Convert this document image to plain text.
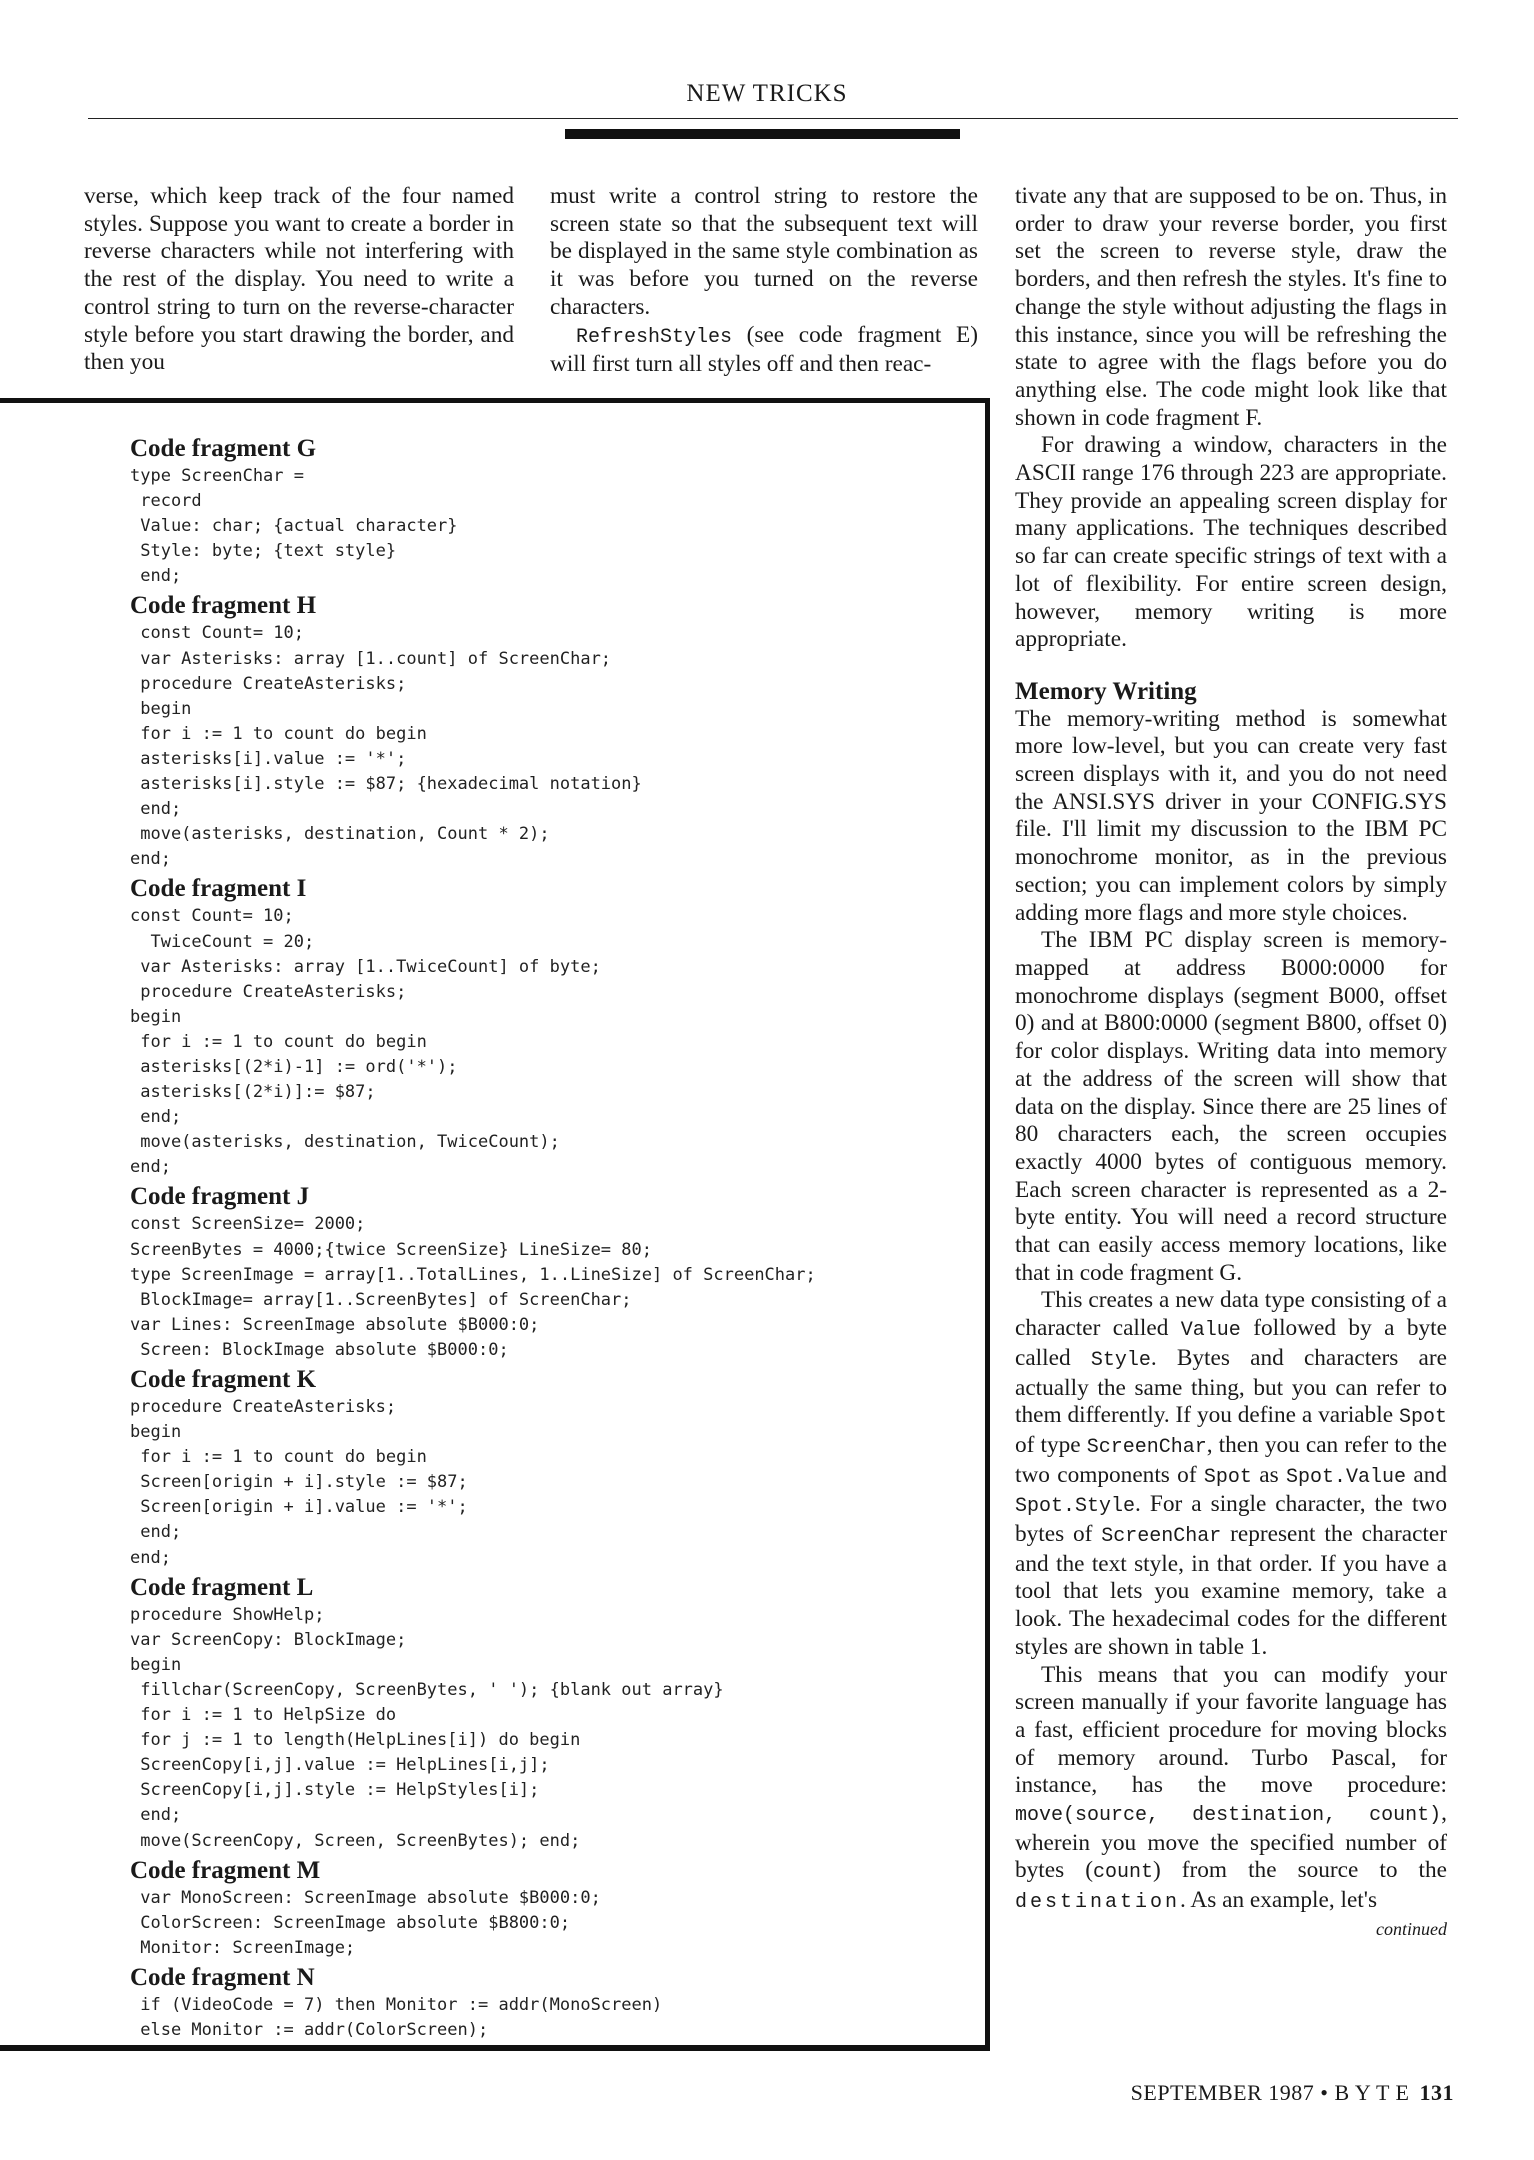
NEW TRICKS

verse, which keep track of the four named styles. Suppose you want to create a border in reverse characters while not interfering with the rest of the display. You need to write a control string to turn on the reverse-character style before you start drawing the border, and then you

must write a control string to restore the screen state so that the subsequent text will be displayed in the same style combination as it was before you turned on the reverse characters.

RefreshStyles (see code fragment E) will first turn all styles off and then reac-

Code fragment G
type ScreenChar =
record
Value: char; {actual character}
Style: byte; {text style}
end;
Code fragment H
const Count= 10;
var Asterisks: array [1..count] of ScreenChar;
procedure CreateAsterisks;
begin
for i := 1 to count do begin
asterisks[i].value := '*';
asterisks[i].style := $87; {hexadecimal notation}
end;
move(asterisks, destination, Count * 2);
end;
Code fragment I
const Count= 10;
TwiceCount = 20;
var Asterisks: array [1..TwiceCount] of byte;
procedure CreateAsterisks;
begin
for i := 1 to count do begin
asterisks[(2*i)-1] := ord('*');
asterisks[(2*i)]:= $87;
end;
move(asterisks, destination, TwiceCount);
end;
Code fragment J
const ScreenSize= 2000;
ScreenBytes = 4000;{twice ScreenSize} LineSize= 80;
type ScreenImage = array[1..TotalLines, 1..LineSize] of ScreenChar;
BlockImage= array[1..ScreenBytes] of ScreenChar;
var Lines: ScreenImage absolute $B000:0;
Screen: BlockImage absolute $B000:0;
Code fragment K
procedure CreateAsterisks;
begin
for i := 1 to count do begin
Screen[origin + i].style := $87;
Screen[origin + i].value := '*';
end;
end;
Code fragment L
procedure ShowHelp;
var ScreenCopy: BlockImage;
begin
fillchar(ScreenCopy, ScreenBytes, ' '); {blank out array}
for i := 1 to HelpSize do
for j := 1 to length(HelpLines[i]) do begin
ScreenCopy[i,j].value := HelpLines[i,j];
ScreenCopy[i,j].style := HelpStyles[i];
end;
move(ScreenCopy, Screen, ScreenBytes); end;
Code fragment M
var MonoScreen: ScreenImage absolute $B000:0;
ColorScreen: ScreenImage absolute $B800:0;
Monitor: ScreenImage;
Code fragment N
if (VideoCode = 7) then Monitor := addr(MonoScreen)
else Monitor := addr(ColorScreen);

tivate any that are supposed to be on. Thus, in order to draw your reverse border, you first set the screen to reverse style, draw the borders, and then refresh the styles. It's fine to change the style without adjusting the flags in this instance, since you will be refreshing the state to agree with the flags before you do anything else. The code might look like that shown in code fragment F.

For drawing a window, characters in the ASCII range 176 through 223 are appropriate. They provide an appealing screen display for many applications. The techniques described so far can create specific strings of text with a lot of flexibility. For entire screen design, however, memory writing is more appropriate.

Memory Writing

The memory-writing method is somewhat more low-level, but you can create very fast screen displays with it, and you do not need the ANSI.SYS driver in your CONFIG.SYS file. I'll limit my discussion to the IBM PC monochrome monitor, as in the previous section; you can implement colors by simply adding more flags and more style choices.

The IBM PC display screen is memory-mapped at address B000:0000 for monochrome displays (segment B000, offset 0) and at B800:0000 (segment B800, offset 0) for color displays. Writing data into memory at the address of the screen will show that data on the display. Since there are 25 lines of 80 characters each, the screen occupies exactly 4000 bytes of contiguous memory. Each screen character is represented as a 2-byte entity. You will need a record structure that can easily access memory locations, like that in code fragment G.

This creates a new data type consisting of a character called Value followed by a byte called Style. Bytes and characters are actually the same thing, but you can refer to them differently. If you define a variable Spot of type ScreenChar, then you can refer to the two components of Spot as Spot.Value and Spot.Style. For a single character, the two bytes of ScreenChar represent the character and the text style, in that order. If you have a tool that lets you examine memory, take a look. The hexadecimal codes for the different styles are shown in table 1.

This means that you can modify your screen manually if your favorite language has a fast, efficient procedure for moving blocks of memory around. Turbo Pascal, for instance, has the move procedure: move(source, destination, count), wherein you move the specified number of bytes (count) from the source to the destination. As an example, let's

continued
SEPTEMBER 1987 • B Y T E 131
